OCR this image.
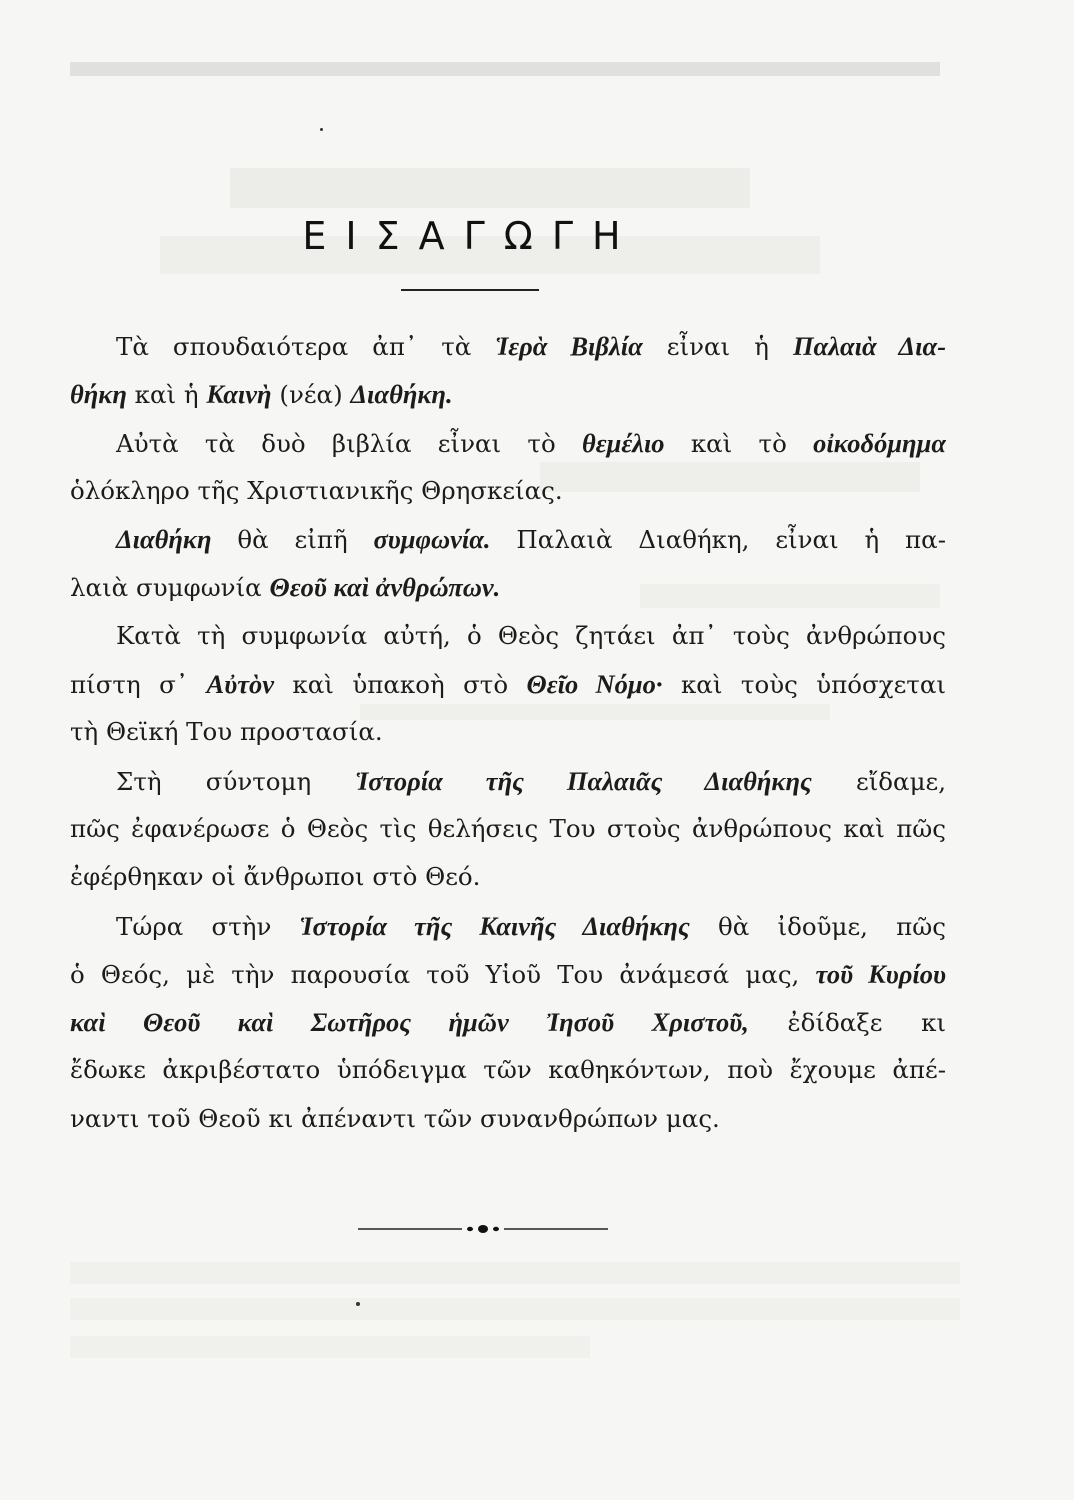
ΕΙΣΑΓΩΓΗ
Τὰ σπουδαιότερα ἀπ᾽ τὰ Ἱερὰ Βιβλία εἶναι ἡ Παλαιὰ Δια-
θήκη καὶ ἡ Καινὴ (νέα) Διαθήκη.
Αὐτὰ τὰ δυὸ βιβλία εἶναι τὸ θεμέλιο καὶ τὸ οἰκοδόμημα
ὁλόκληρο τῆς Χριστιανικῆς Θρησκείας.
Διαθήκη θὰ εἰπῆ συμφωνία. Παλαιὰ Διαθήκη, εἶναι ἡ πα-
λαιὰ συμφωνία Θεοῦ καὶ ἀνθρώπων.
Κατὰ τὴ συμφωνία αὐτή, ὁ Θεὸς ζητάει ἀπ᾽ τοὺς ἀνθρώπους
πίστη σ᾽ Αὐτὸν καὶ ὑπακοὴ στὸ Θεῖο Νόμο· καὶ τοὺς ὑπόσχεται
τὴ Θεϊκή Του προστασία.
Στὴ σύντομη Ἱστορία τῆς Παλαιᾶς Διαθήκης εἴδαμε,
πῶς ἐφανέρωσε ὁ Θεὸς τὶς θελήσεις Του στοὺς ἀνθρώπους καὶ πῶς
ἐφέρθηκαν οἱ ἄνθρωποι στὸ Θεό.
Τώρα στὴν Ἱστορία τῆς Καινῆς Διαθήκης θὰ ἰδοῦμε, πῶς
ὁ Θεός, μὲ τὴν παρουσία τοῦ Υἱοῦ Του ἀνάμεσά μας, τοῦ Κυρίου
καὶ Θεοῦ καὶ Σωτῆρος ἡμῶν Ἰησοῦ Χριστοῦ, ἐδίδαξε κι
ἔδωκε ἀκριβέστατο ὑπόδειγμα τῶν καθηκόντων, ποὺ ἔχουμε ἀπέ-
ναντι τοῦ Θεοῦ κι ἀπέναντι τῶν συνανθρώπων μας.
